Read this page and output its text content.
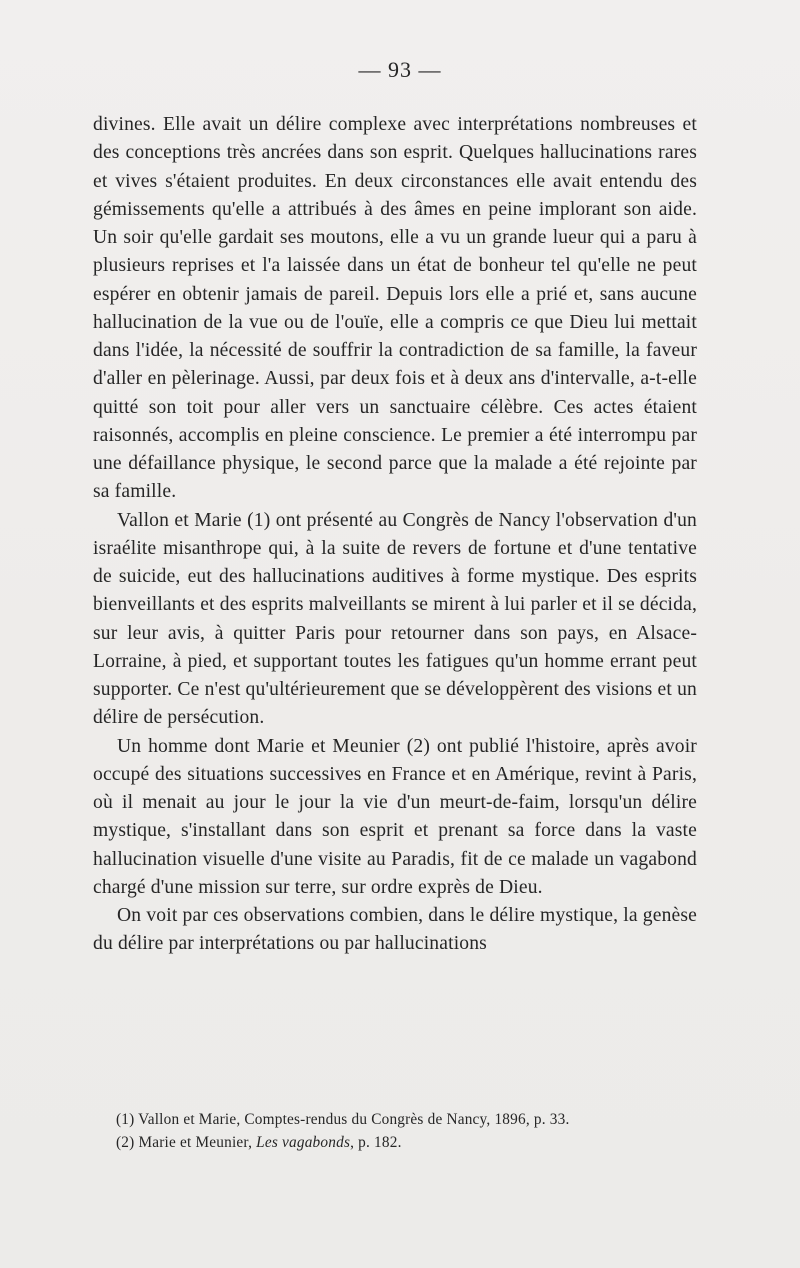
— 93 —

divines. Elle avait un délire complexe avec interprétations nombreuses et des conceptions très ancrées dans son esprit. Quelques hallucinations rares et vives s'étaient produites. En deux circonstances elle avait entendu des gémissements qu'elle a attribués à des âmes en peine implorant son aide. Un soir qu'elle gardait ses moutons, elle a vu un grande lueur qui a paru à plusieurs reprises et l'a laissée dans un état de bonheur tel qu'elle ne peut espérer en obtenir jamais de pareil. Depuis lors elle a prié et, sans aucune hallucination de la vue ou de l'ouïe, elle a compris ce que Dieu lui mettait dans l'idée, la nécessité de souffrir la contradiction de sa famille, la faveur d'aller en pèlerinage. Aussi, par deux fois et à deux ans d'intervalle, a-t-elle quitté son toit pour aller vers un sanctuaire célèbre. Ces actes étaient raisonnés, accomplis en pleine conscience. Le premier a été interrompu par une défaillance physique, le second parce que la malade a été rejointe par sa famille.

Vallon et Marie (1) ont présenté au Congrès de Nancy l'observation d'un israélite misanthrope qui, à la suite de revers de fortune et d'une tentative de suicide, eut des hallucinations auditives à forme mystique. Des esprits bienveillants et des esprits malveillants se mirent à lui parler et il se décida, sur leur avis, à quitter Paris pour retourner dans son pays, en Alsace-Lorraine, à pied, et supportant toutes les fatigues qu'un homme errant peut supporter. Ce n'est qu'ultérieurement que se développèrent des visions et un délire de persécution.

Un homme dont Marie et Meunier (2) ont publié l'histoire, après avoir occupé des situations successives en France et en Amérique, revint à Paris, où il menait au jour le jour la vie d'un meurt-de-faim, lorsqu'un délire mystique, s'installant dans son esprit et prenant sa force dans la vaste hallucination visuelle d'une visite au Paradis, fit de ce malade un vagabond chargé d'une mission sur terre, sur ordre exprès de Dieu.

On voit par ces observations combien, dans le délire mystique, la genèse du délire par interprétations ou par hallucinations

(1) Vallon et Marie, Comptes-rendus du Congrès de Nancy, 1896, p. 33.

(2) Marie et Meunier, Les vagabonds, p. 182.
